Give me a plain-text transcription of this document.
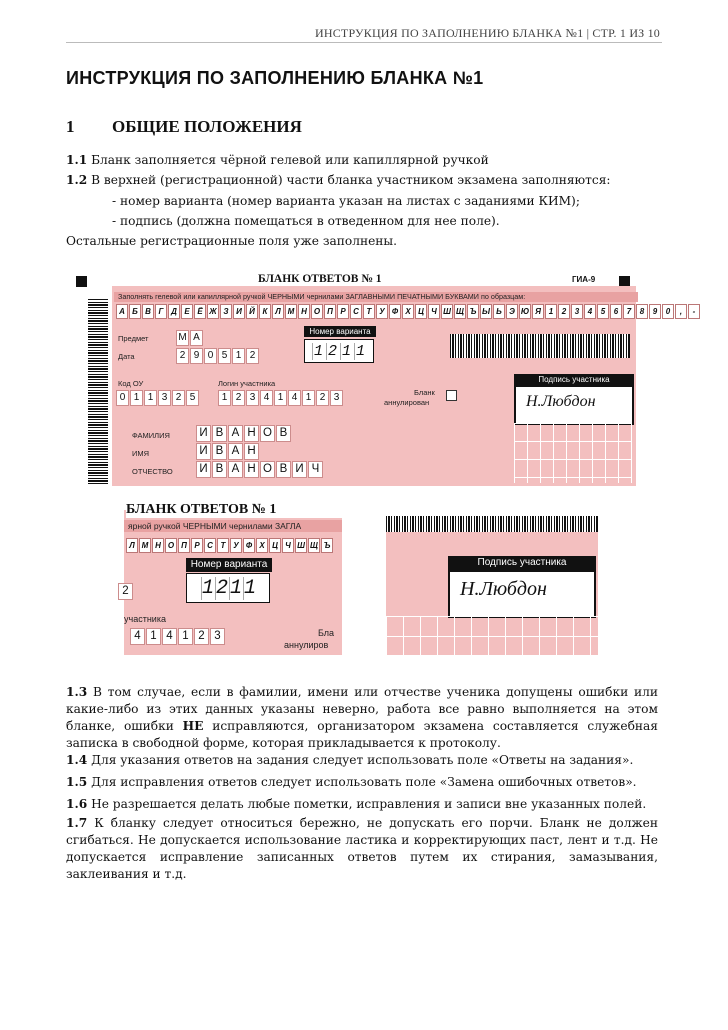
ИНСТРУКЦИЯ ПО ЗАПОЛНЕНИЮ БЛАНКА №1 | СТР. 1 ИЗ 10
ИНСТРУКЦИЯ ПО ЗАПОЛНЕНИЮ БЛАНКА №1
1 ОБЩИЕ ПОЛОЖЕНИЯ
1.1 Бланк заполняется чёрной гелевой или капиллярной ручкой
1.2 В верхней (регистрационной) части бланка участником экзамена заполняются:
- номер варианта (номер варианта указан на листах с заданиями КИМ);
- подпись (должна помещаться в отведенном для нее поле).
Остальные регистрационные поля уже заполнены.
БЛАНК ОТВЕТОВ № 1	ГИА-9
Заполнять гелевой или капиллярной ручкой ЧЕРНЫМИ чернилами ЗАГЛАВНЫМИ ПЕЧАТНЫМИ БУКВАМИ по образцам:
А Б В Г Д Е Ё Ж З И Й К Л М Н О П Р С Т У Ф Х Ц Ч Ш Щ Ъ Ы Ь Э Ю Я 1	2	3	4	5	6	7	8	9	0	,	-
Предмет	М А
Дата	2 9 0 5 1 2
Номер варианта
1 2 1 1
Код ОУ
0 1 1 3 2 5
Логин участника
1 2 3 4 1 4 1 2 3	Бланк
аннулирован
Подпись участника
Н.Любдон
ФАМИЛИЯ	И В А Н О В
ИМЯ	И В А Н
ОТЧЕСТВО И В А Н О В И Ч
БЛАНК ОТВЕТОВ № 1
ярной ручкой ЧЕРНЫМИ чернилами ЗАГЛА
Л М Н О П Р С Т У Ф Х Ц Ч Ш Щ Ъ
Номер варианта
1 2 1 1
2
участника
4 1 4 1 2 3	Бла
аннулиров
Подпись участника
Н.Любдон
1.3 В том случае, если в фамилии, имени или отчестве ученика допущены ошибки или какие-либо из этих данных указаны неверно, работа все равно выполняется на этом бланке, ошибки НЕ исправляются, организатором экзамена составляется служебная записка в свободной форме, которая прикладывается к протоколу.
1.4 Для указания ответов на задания следует использовать поле «Ответы на задания».
1.5 Для исправления ответов следует использовать поле «Замена ошибочных ответов».
1.6 Не разрешается делать любые пометки, исправления и записи вне указанных полей.
1.7 К бланку следует относиться бережно, не допускать его порчи. Бланк не должен сгибаться. Не допускается использование ластика и корректирующих паст, лент и т.д. Не допускается исправление записанных ответов путем их стирания, замазывания, заклеивания и т.д.
